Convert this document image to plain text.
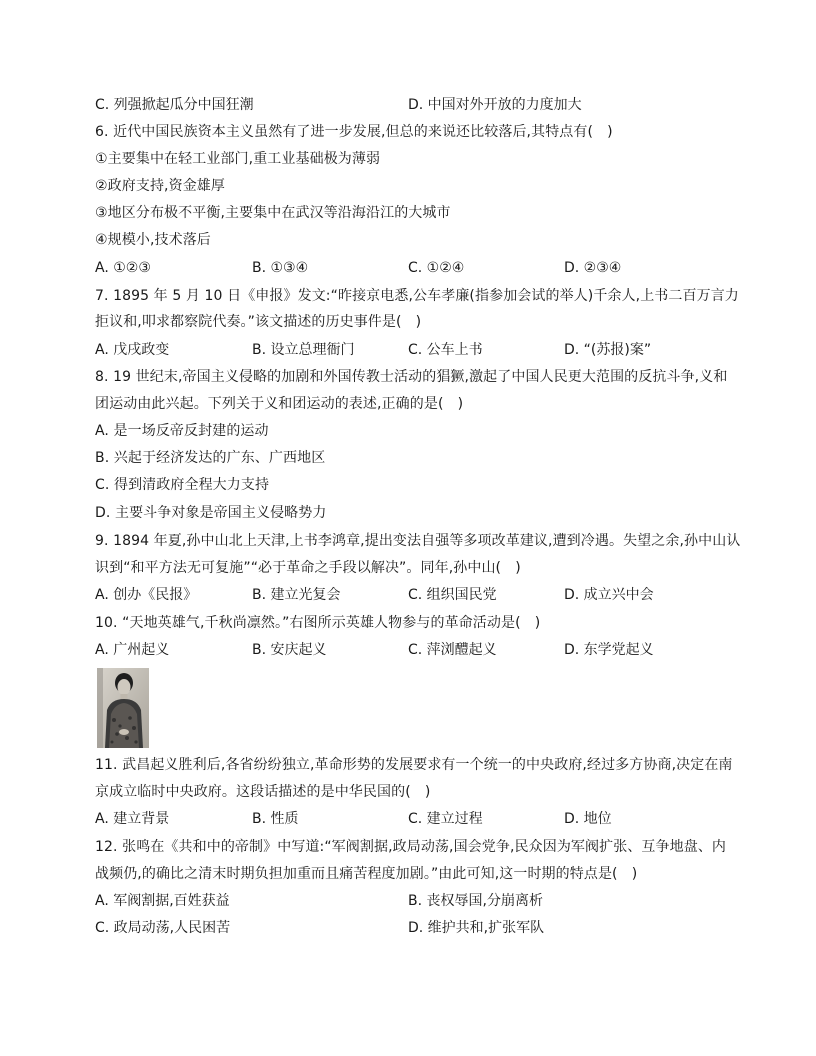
C. 列强掀起瓜分中国狂潮	D. 中国对外开放的力度加大
6. 近代中国民族资本主义虽然有了进一步发展,但总的来说还比较落后,其特点有(　)
①主要集中在轻工业部门,重工业基础极为薄弱
②政府支持,资金雄厚
③地区分布极不平衡,主要集中在武汉等沿海沿江的大城市
④规模小,技术落后
A. ①②③	B. ①③④	C. ①②④	D. ②③④
7. 1895 年 5 月 10 日《申报》发文:“昨接京电悉,公车孝廉(指参加会试的举人)千余人,上书二百万言力
拒议和,叩求都察院代奏。”该文描述的历史事件是(　)
A. 戊戌政变	B. 设立总理衙门	C. 公车上书	D. “(苏报)案”
8. 19 世纪末,帝国主义侵略的加剧和外国传教士活动的猖獗,激起了中国人民更大范围的反抗斗争,义和
团运动由此兴起。下列关于义和团运动的表述,正确的是(　)
A. 是一场反帝反封建的运动
B. 兴起于经济发达的广东、广西地区
C. 得到清政府全程大力支持
D. 主要斗争对象是帝国主义侵略势力
9. 1894 年夏,孙中山北上天津,上书李鸿章,提出变法自强等多项改革建议,遭到冷遇。失望之余,孙中山认
识到“和平方法无可复施”“必于革命之手段以解决”。同年,孙中山(　)
A. 创办《民报》	B. 建立光复会	C. 组织国民党	D. 成立兴中会
10. “天地英雄气,千秋尚凛然。”右图所示英雄人物参与的革命活动是(　)
A. 广州起义	B. 安庆起义	C. 萍浏醴起义	D. 东学党起义
11. 武昌起义胜利后,各省纷纷独立,革命形势的发展要求有一个统一的中央政府,经过多方协商,决定在南
京成立临时中央政府。这段话描述的是中华民国的(　)
A. 建立背景	B. 性质	C. 建立过程	D. 地位
12. 张鸣在《共和中的帝制》中写道:“军阀割据,政局动荡,国会党争,民众因为军阀扩张、互争地盘、内
战频仍,的确比之清末时期负担加重而且痛苦程度加剧。”由此可知,这一时期的特点是(　)
A. 军阀割据,百姓获益	B. 丧权辱国,分崩离析
C. 政局动荡,人民困苦	D. 维护共和,扩张军队
